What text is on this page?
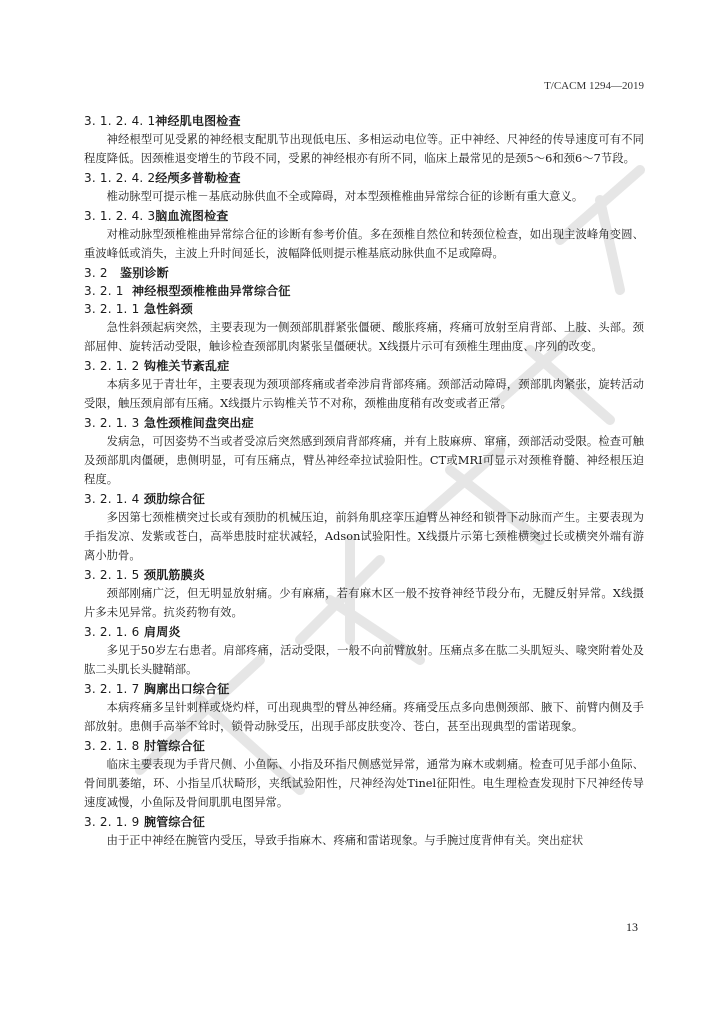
T/CACM 1294—2019
3. 1. 2. 4. 1神经肌电图检查

神经根型可见受累的神经根支配肌节出现低电压、多相运动电位等。正中神经、尺神经的传导速度可有不同程度降低。因颈椎退变增生的节段不同，受累的神经根亦有所不同，临床上最常见的是颈5～6和颈6～7节段。

3. 1. 2. 4. 2经颅多普勒检查

椎动脉型可提示椎－基底动脉供血不全或障碍，对本型颈椎椎曲异常综合征的诊断有重大意义。

3. 1. 2. 4. 3脑血流图检查

对椎动脉型颈椎椎曲异常综合征的诊断有参考价值。多在颈椎自然位和转颈位检查，如出现主波峰角变圆、重波峰低或消失，主波上升时间延长，波幅降低则提示椎基底动脉供血不足或障碍。

3. 2 鉴别诊断
3. 2. 1 神经根型颈椎椎曲异常综合征
3. 2. 1. 1 急性斜颈

急性斜颈起病突然，主要表现为一侧颈部肌群紧张僵硬、酸胀疼痛，疼痛可放射至肩背部、上肢、头部。颈部屈伸、旋转活动受限，触诊检查颈部肌肉紧张呈僵硬状。X线摄片示可有颈椎生理曲度、序列的改变。

3. 2. 1. 2 钩椎关节紊乱症

本病多见于青壮年，主要表现为颈项部疼痛或者牵涉肩背部疼痛。颈部活动障碍，颈部肌肉紧张，旋转活动受限，触压颈肩部有压痛。X线摄片示钩椎关节不对称，颈椎曲度稍有改变或者正常。

3. 2. 1. 3 急性颈椎间盘突出症

发病急，可因姿势不当或者受凉后突然感到颈肩背部疼痛，并有上肢麻痹、窜痛，颈部活动受限。检查可触及颈部肌肉僵硬，患侧明显，可有压痛点，臂丛神经牵拉试验阳性。CT或MRI可显示对颈椎脊髓、神经根压迫程度。

3. 2. 1. 4 颈肋综合征

多因第七颈椎横突过长或有颈肋的机械压迫，前斜角肌痉挛压迫臂丛神经和锁骨下动脉而产生。主要表现为手指发凉、发紫或苍白，高举患肢时症状减轻，Adson试验阳性。X线摄片示第七颈椎横突过长或横突外端有游离小肋骨。

3. 2. 1. 5 颈肌筋膜炎

颈部刚痛广泛，但无明显放射痛。少有麻痛，若有麻木区一般不按脊神经节段分布，无腱反射异常。X线摄片多未见异常。抗炎药物有效。

3. 2. 1. 6 肩周炎

多见于50岁左右患者。肩部疼痛，活动受限，一般不向前臂放射。压痛点多在肱二头肌短头、喙突附着处及肱二头肌长头腱鞘部。

3. 2. 1. 7 胸廓出口综合征

本病疼痛多呈针刺样或烧灼样，可出现典型的臂丛神经痛。疼痛受压点多向患侧颈部、腋下、前臂内侧及手部放射。患侧手高举不耸时，锁骨动脉受压，出现手部皮肤变冷、苍白，甚至出现典型的雷诺现象。

3. 2. 1. 8 肘管综合征

临床主要表现为手背尺侧、小鱼际、小指及环指尺侧感觉异常，通常为麻木或刺痛。检查可见手部小鱼际、骨间肌萎缩，环、小指呈爪状畸形，夹纸试验阳性，尺神经沟处Tinel征阳性。电生理检查发现肘下尺神经传导速度减慢，小鱼际及骨间肌肌电图异常。

3. 2. 1. 9 腕管综合征

由于正中神经在腕管内受压，导致手指麻木、疼痛和雷诺现象。与手腕过度背伸有关。突出症状

13
